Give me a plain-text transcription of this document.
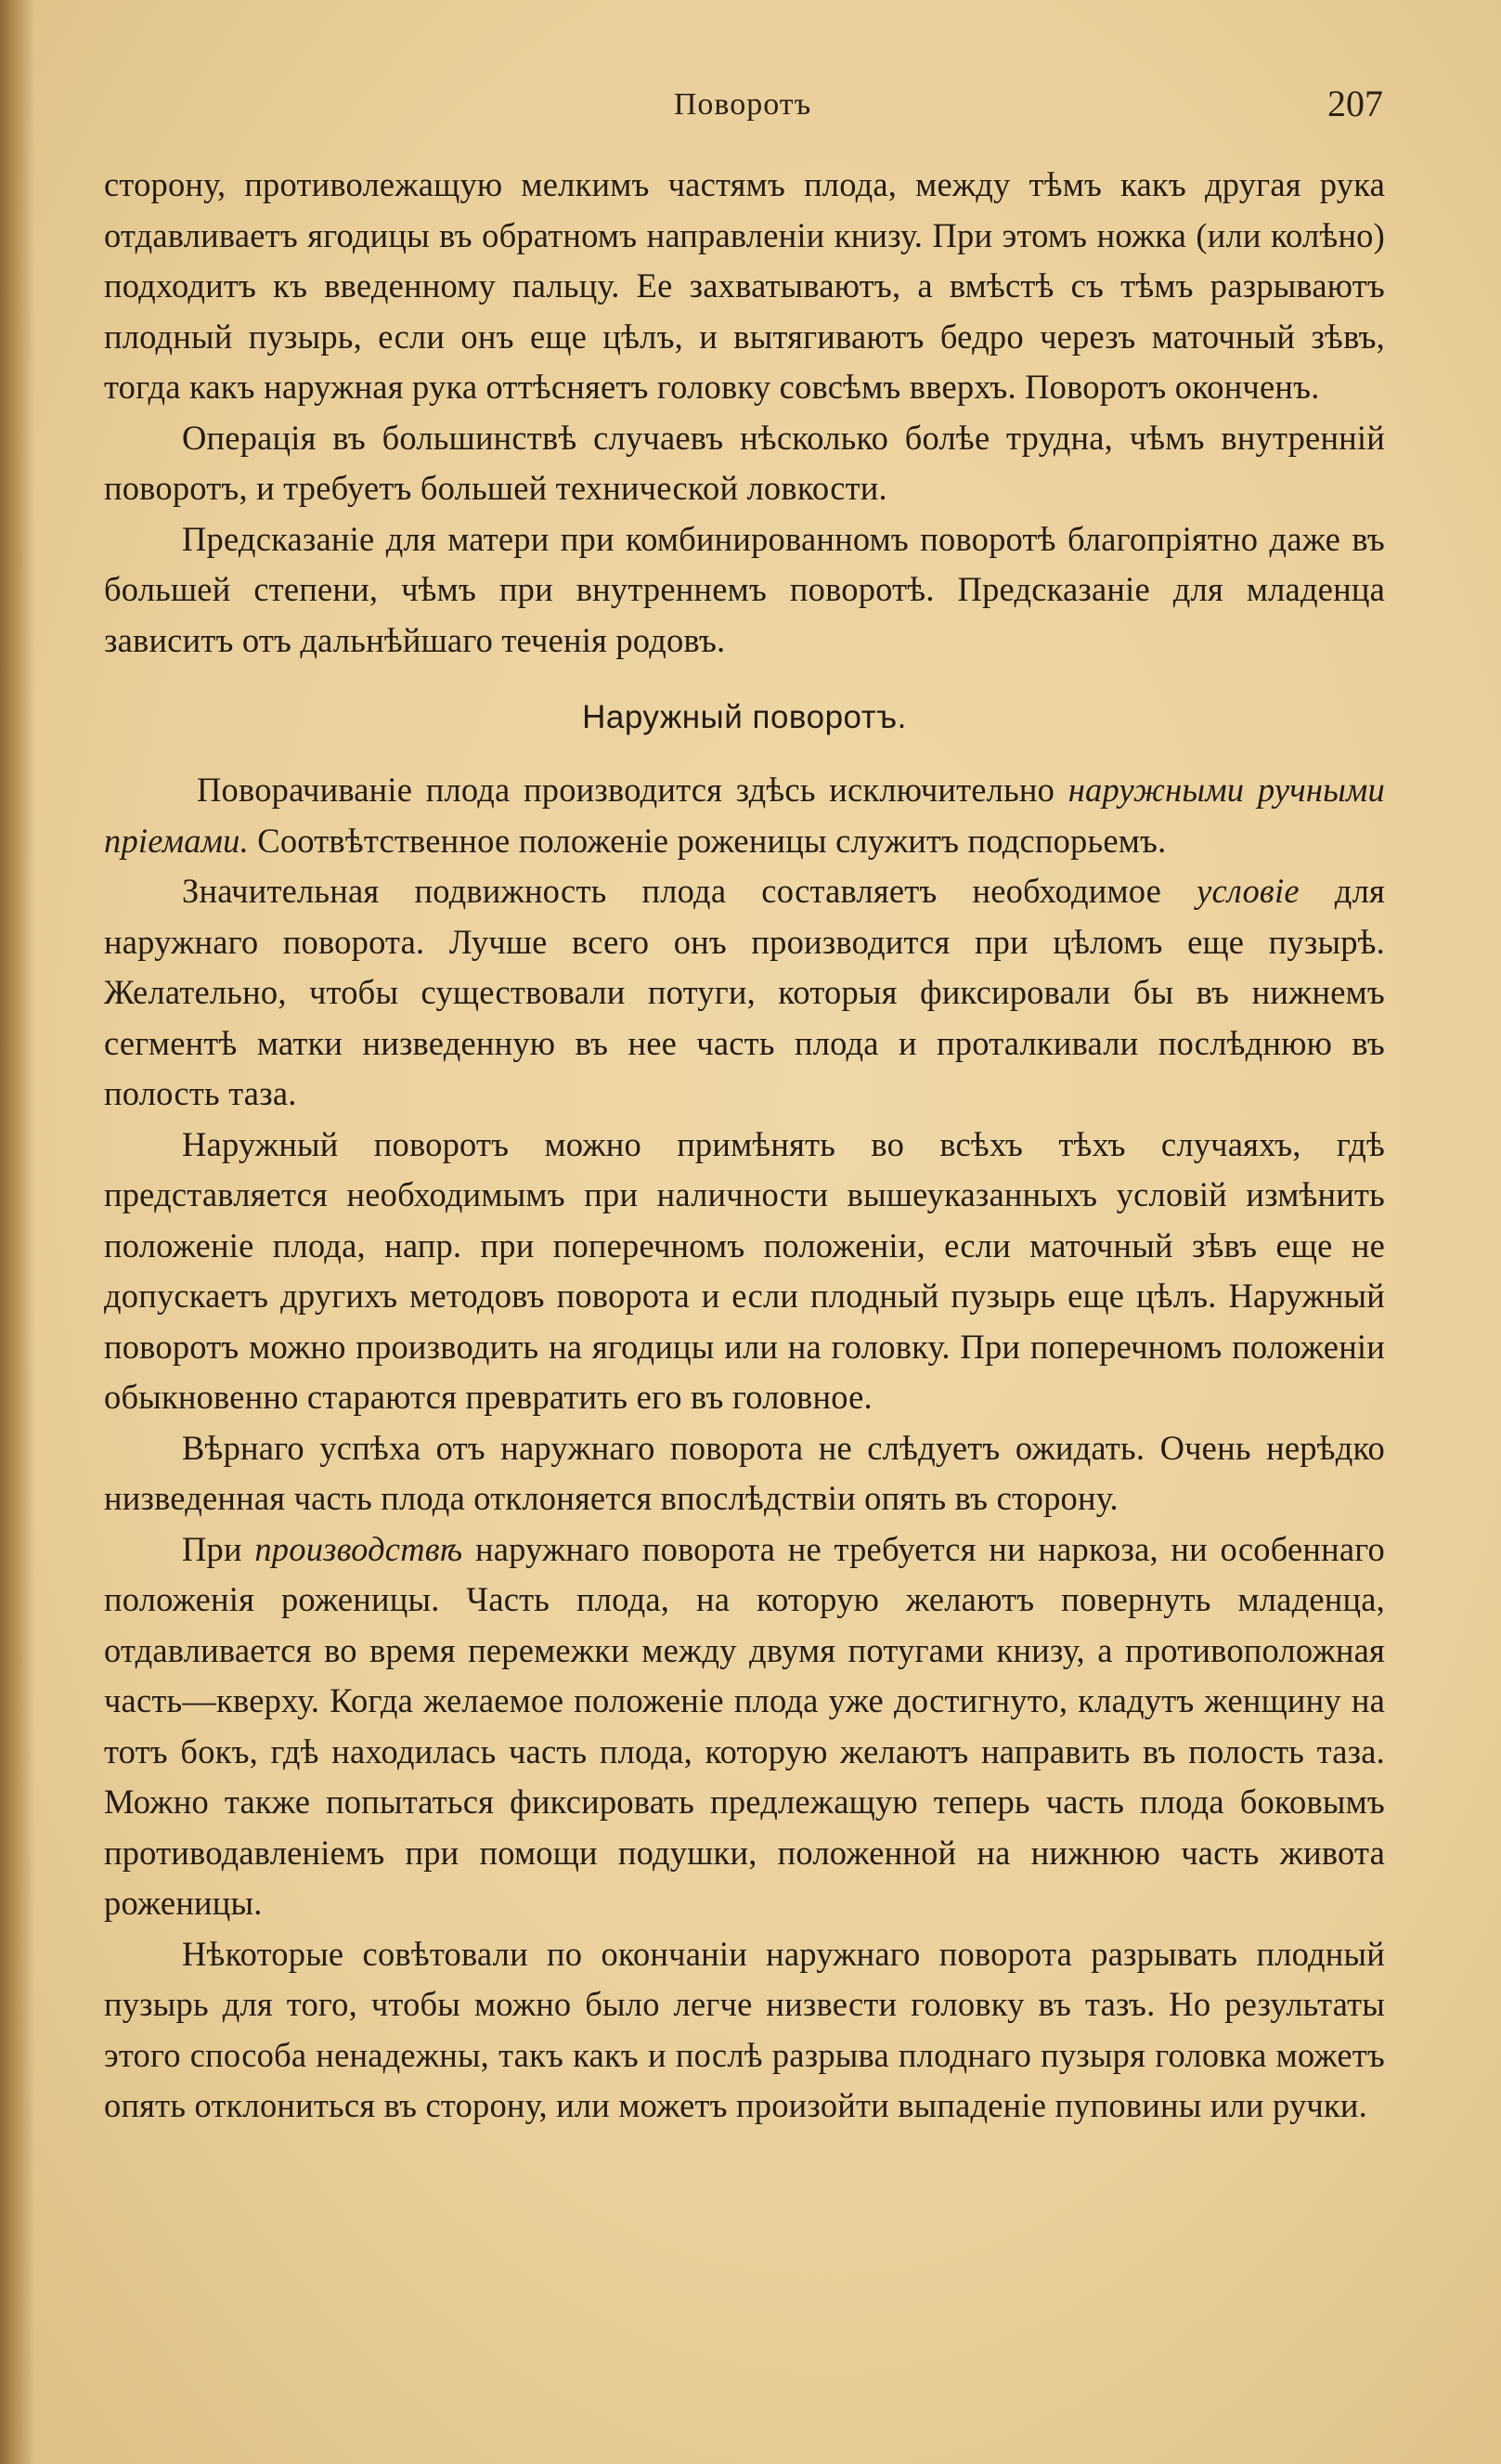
Поворотъ	207

сторону, противолежащую мелкимъ частямъ плода, между тѣмъ какъ другая рука отдавливаетъ ягодицы въ обратномъ направленіи книзу. При этомъ ножка (или колѣно) подходитъ къ введенному пальцу. Ее захватываютъ, а вмѣстѣ съ тѣмъ разрываютъ плодный пузырь, если онъ еще цѣлъ, и вытягиваютъ бедро черезъ маточный зѣвъ, тогда какъ наружная рука оттѣсняетъ головку совсѣмъ вверхъ. Поворотъ оконченъ.

Операція въ большинствѣ случаевъ нѣсколько болѣе трудна, чѣмъ внутренній поворотъ, и требуетъ большей технической ловкости.

Предсказаніе для матери при комбинированномъ поворотѣ благопріятно даже въ большей степени, чѣмъ при внутреннемъ поворотѣ. Предсказаніе для младенца зависитъ отъ дальнѣйшаго теченія родовъ.

Наружный поворотъ.

Поворачиваніе плода производится здѣсь исключительно наружными ручными пріемами. Соотвѣтственное положеніе роженицы служитъ подспорьемъ.

Значительная подвижность плода составляетъ необходимое условіе для наружнаго поворота. Лучше всего онъ производится при цѣломъ еще пузырѣ. Желательно, чтобы существовали потуги, которыя фиксировали бы въ нижнемъ сегментѣ матки низведенную въ нее часть плода и проталкивали послѣднюю въ полость таза.

Наружный поворотъ можно примѣнять во всѣхъ тѣхъ случаяхъ, гдѣ представляется необходимымъ при наличности вышеуказанныхъ условій измѣнить положеніе плода, напр. при поперечномъ положеніи, если маточный зѣвъ еще не допускаетъ другихъ методовъ поворота и если плодный пузырь еще цѣлъ. Наружный поворотъ можно производить на ягодицы или на головку. При поперечномъ положеніи обыкновенно стараются превратить его въ головное.

Вѣрнаго успѣха отъ наружнаго поворота не слѣдуетъ ожидать. Очень нерѣдко низведенная часть плода отклоняется впослѣдствіи опять въ сторону.

При производствѣ наружнаго поворота не требуется ни наркоза, ни особеннаго положенія роженицы. Часть плода, на которую желаютъ повернуть младенца, отдавливается во время перемежки между двумя потугами книзу, а противоположная часть—кверху. Когда желаемое положеніе плода уже достигнуто, кладутъ женщину на тотъ бокъ, гдѣ находилась часть плода, которую желаютъ направить въ полость таза. Можно также попытаться фиксировать предлежащую теперь часть плода боковымъ противодавленіемъ при помощи подушки, положенной на нижнюю часть живота роженицы.

Нѣкоторые совѣтовали по окончаніи наружнаго поворота разрывать плодный пузырь для того, чтобы можно было легче низвести головку въ тазъ. Но результаты этого способа ненадежны, такъ какъ и послѣ разрыва плоднаго пузыря головка можетъ опять отклониться въ сторону, или можетъ произойти выпаденіе пуповины или ручки.
